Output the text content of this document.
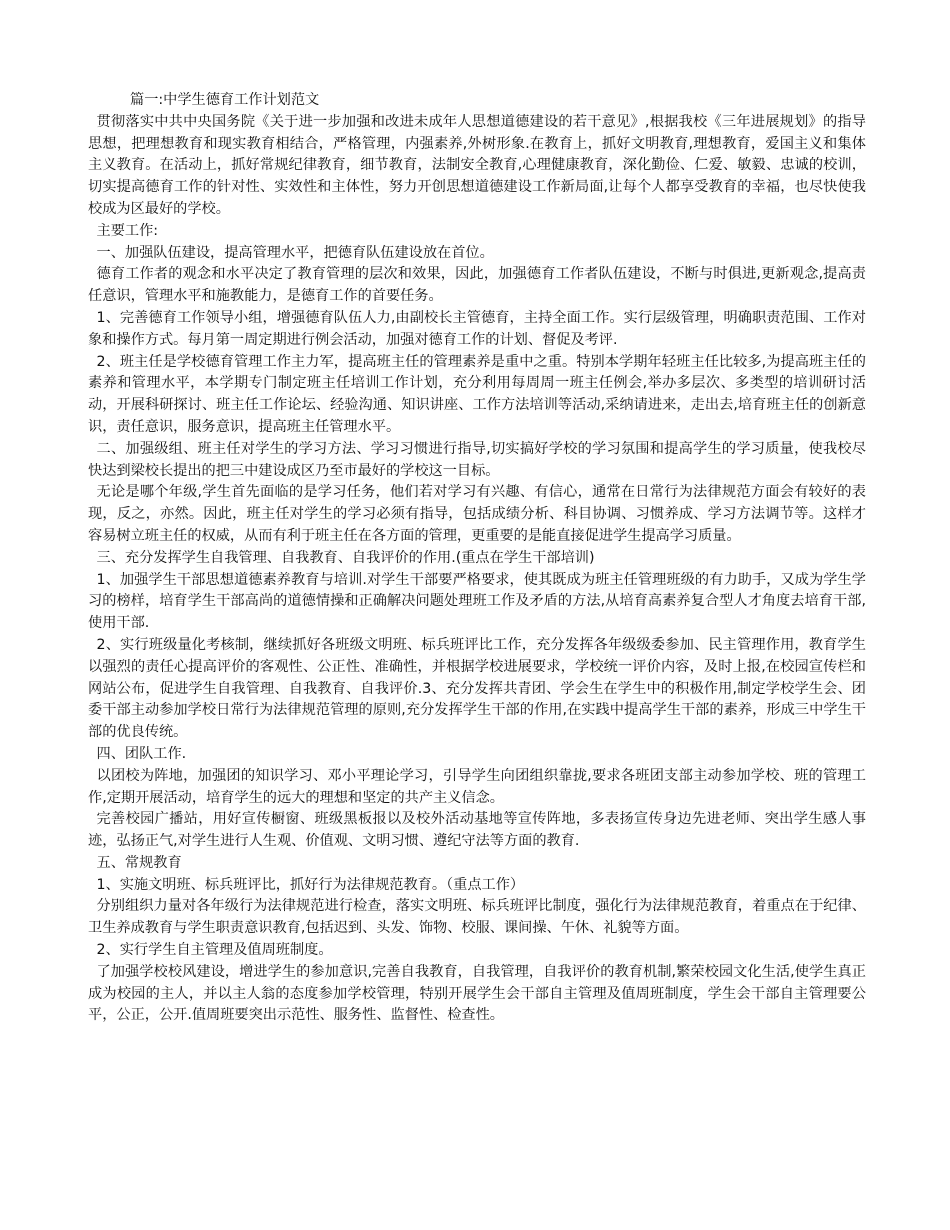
篇一:中学生德育工作计划范文

贯彻落实中共中央国务院《关于进一步加强和改进未成年人思想道德建设的若干意见》,根据我校《三年进展规划》的指导思想，把理想教育和现实教育相结合，严格管理，内强素养,外树形象.在教育上，抓好文明教育,理想教育，爱国主义和集体主义教育。在活动上，抓好常规纪律教育，细节教育，法制安全教育,心理健康教育，深化勤俭、仁爱、敏毅、忠诚的校训，切实提高德育工作的针对性、实效性和主体性，努力开创思想道德建设工作新局面,让每个人都享受教育的幸福，也尽快使我校成为区最好的学校。

主要工作:

一、加强队伍建设，提高管理水平，把德育队伍建设放在首位。

德育工作者的观念和水平决定了教育管理的层次和效果，因此，加强德育工作者队伍建设，不断与时俱进,更新观念,提高责任意识，管理水平和施教能力，是德育工作的首要任务。

1、完善德育工作领导小组，增强德育队伍人力,由副校长主管德育，主持全面工作。实行层级管理，明确职责范围、工作对象和操作方式。每月第一周定期进行例会活动，加强对德育工作的计划、督促及考评.

2、班主任是学校德育管理工作主力军，提高班主任的管理素养是重中之重。特别本学期年轻班主任比较多,为提高班主任的素养和管理水平，本学期专门制定班主任培训工作计划，充分利用每周周一班主任例会,举办多层次、多类型的培训研讨活动，开展科研探讨、班主任工作论坛、经验沟通、知识讲座、工作方法培训等活动,采纳请进来，走出去,培育班主任的创新意识，责任意识，服务意识，提高班主任管理水平。

二、加强级组、班主任对学生的学习方法、学习习惯进行指导,切实搞好学校的学习氛围和提高学生的学习质量，使我校尽快达到梁校长提出的把三中建设成区乃至市最好的学校这一目标。

无论是哪个年级,学生首先面临的是学习任务，他们若对学习有兴趣、有信心，通常在日常行为法律规范方面会有较好的表现，反之，亦然。因此，班主任对学生的学习必须有指导，包括成绩分析、科目协调、习惯养成、学习方法调节等。这样才容易树立班主任的权威，从而有利于班主任在各方面的管理，更重要的是能直接促进学生提高学习质量。

三、充分发挥学生自我管理、自我教育、自我评价的作用.(重点在学生干部培训)

1、加强学生干部思想道德素养教育与培训.对学生干部要严格要求，使其既成为班主任管理班级的有力助手，又成为学生学习的榜样，培育学生干部高尚的道德情操和正确解决问题处理班工作及矛盾的方法,从培育高素养复合型人才角度去培育干部,使用干部.

2、实行班级量化考核制，继续抓好各班级文明班、标兵班评比工作，充分发挥各年级级委参加、民主管理作用，教育学生以强烈的责任心提高评价的客观性、公正性、准确性，并根据学校进展要求，学校统一评价内容，及时上报,在校园宣传栏和网站公布，促进学生自我管理、自我教育、自我评价.3、充分发挥共青团、学会生在学生中的积极作用,制定学校学生会、团委干部主动参加学校日常行为法律规范管理的原则,充分发挥学生干部的作用,在实践中提高学生干部的素养，形成三中学生干部的优良传统。

四、团队工作.

以团校为阵地，加强团的知识学习、邓小平理论学习，引导学生向团组织靠拢,要求各班团支部主动参加学校、班的管理工作,定期开展活动，培育学生的远大的理想和坚定的共产主义信念。

完善校园广播站，用好宣传橱窗、班级黑板报以及校外活动基地等宣传阵地，多表扬宣传身边先进老师、突出学生感人事迹，弘扬正气,对学生进行人生观、价值观、文明习惯、遵纪守法等方面的教育.

五、常规教育

1、实施文明班、标兵班评比，抓好行为法律规范教育。（重点工作）

分别组织力量对各年级行为法律规范进行检查，落实文明班、标兵班评比制度，强化行为法律规范教育，着重点在于纪律、卫生养成教育与学生职责意识教育,包括迟到、头发、饰物、校服、课间操、午休、礼貌等方面。

2、实行学生自主管理及值周班制度。

了加强学校校风建设，增进学生的参加意识,完善自我教育，自我管理，自我评价的教育机制,繁荣校园文化生活,使学生真正成为校园的主人，并以主人翁的态度参加学校管理，特别开展学生会干部自主管理及值周班制度，学生会干部自主管理要公平，公正，公开.值周班要突出示范性、服务性、监督性、检查性。
